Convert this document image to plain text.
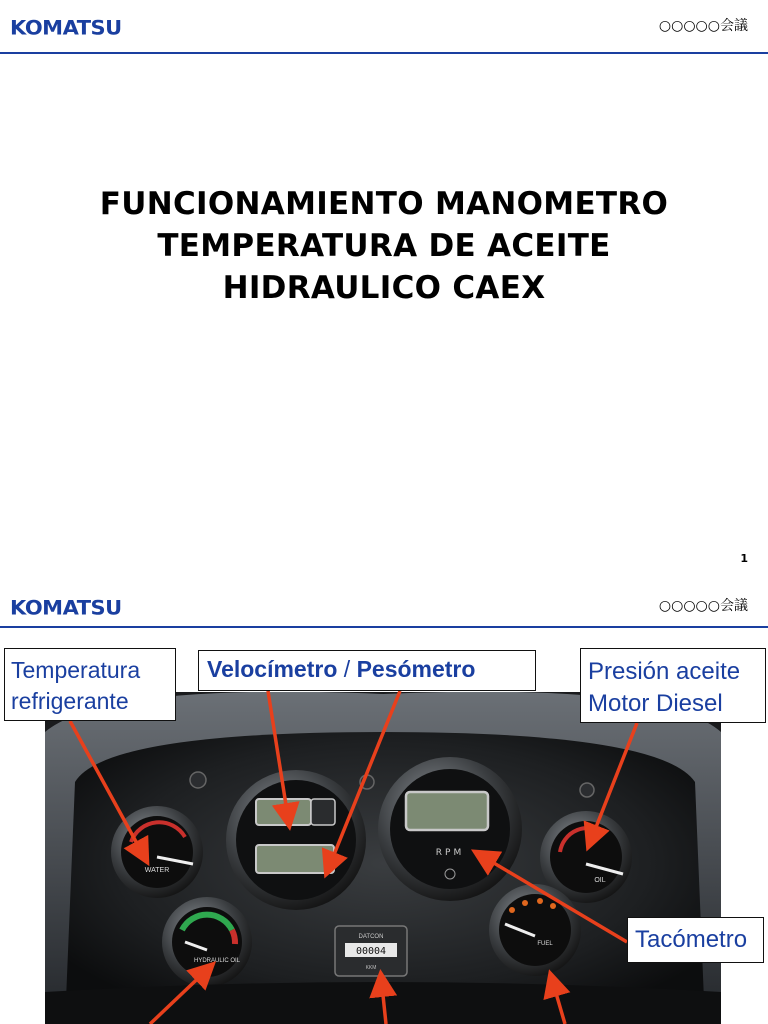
KOMATSU	○○○○○会議
FUNCIONAMIENTO MANOMETRO
TEMPERATURA DE ACEITE
HIDRAULICO CAEX
1
KOMATSU	○○○○○会議
WATER
RPM
OIL
HYDRAULIC OIL
DATCON
00004
KKM
FUEL
Temperatura
refrigerante
Velocímetro / Pesómetro	Presión aceite
Motor Diesel
Tacómetro
